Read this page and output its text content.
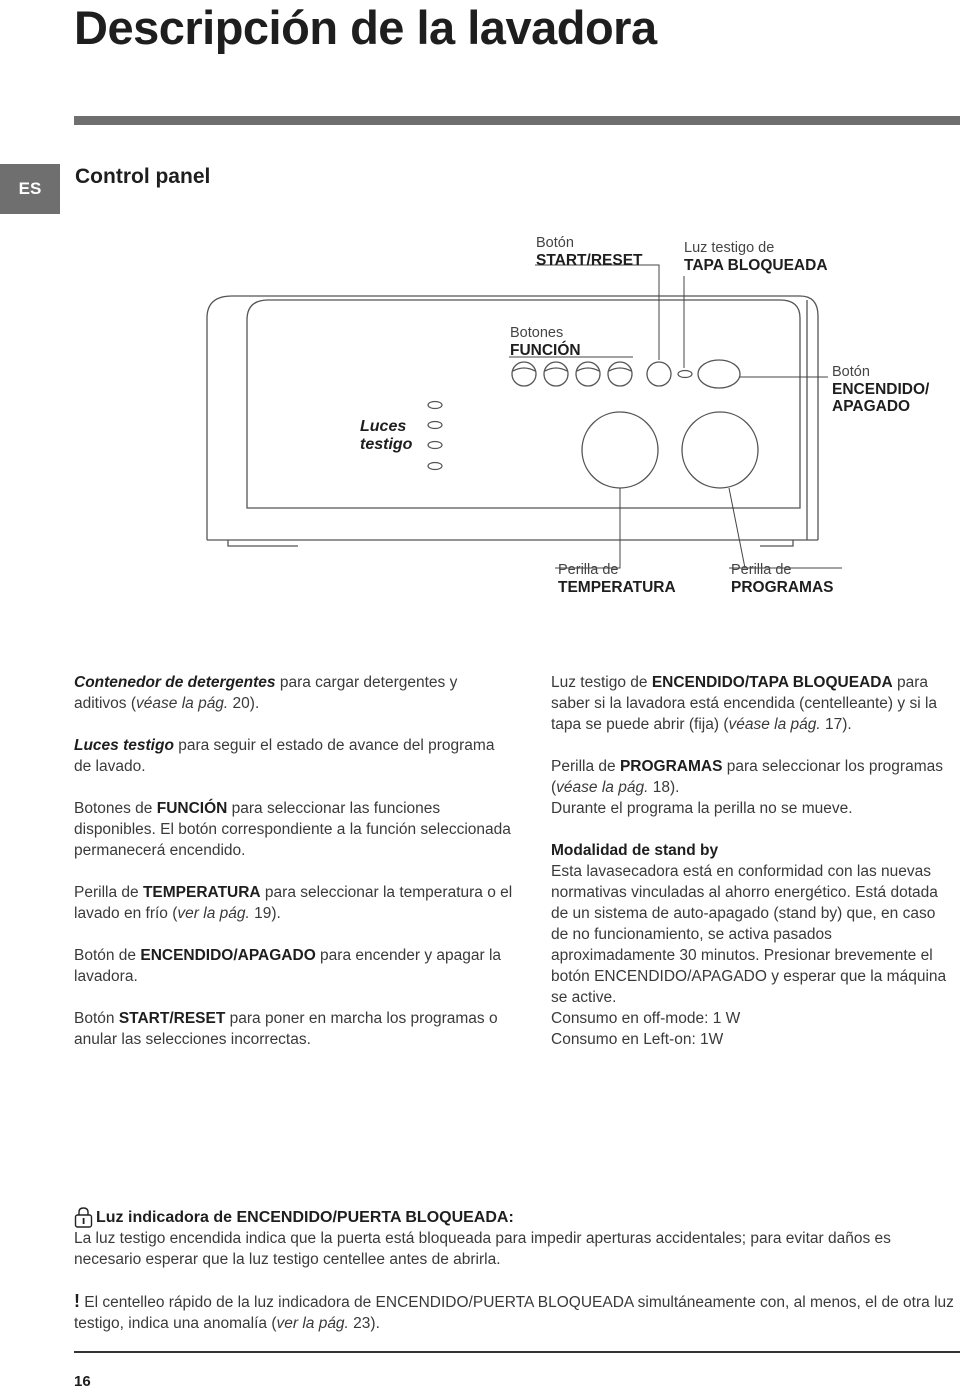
Descripción de la lavadora
ES
Control panel
Botón
START/RESET
Luz testigo de
TAPA BLOQUEADA
Botones
FUNCIÓN
Botón
ENCENDIDO/
APAGADO
Luces
testigo
Perilla de
TEMPERATURA
Perilla de
PROGRAMAS

Contenedor de detergentes para cargar detergentes y aditivos (véase la pág. 20).

Luces testigo para seguir el estado de avance del programa de lavado.

Botones de FUNCIÓN para seleccionar las funciones disponibles. El botón correspondiente a la función seleccionada permanecerá encendido.

Perilla de TEMPERATURA para seleccionar la temperatura o el lavado en frío (ver la pág. 19).

Botón de ENCENDIDO/APAGADO para encender y apagar la lavadora.

Botón START/RESET para poner en marcha los programas o anular las selecciones incorrectas.

Luz testigo de ENCENDIDO/TAPA BLOQUEADA para saber si la lavadora está encendida (centelleante) y si la tapa se puede abrir (fija) (véase la pág. 17).

Perilla de PROGRAMAS para seleccionar los programas (véase la pág. 18).

Durante el programa la perilla no se mueve.

Modalidad de stand by

Esta lavasecadora está en conformidad con las nuevas normativas vinculadas al ahorro energético. Está dotada de un sistema de auto-apagado (stand by) que, en caso de no funcionamiento, se activa pasados aproximadamente 30 minutos. Presionar brevemente el botón ENCENDIDO/APAGADO y esperar que la máquina se active.

Consumo en off-mode: 1 W

Consumo en Left-on: 1W

Luz indicadora de ENCENDIDO/PUERTA BLOQUEADA:
La luz testigo encendida indica que la puerta está bloqueada para impedir aperturas accidentales; para evitar daños es necesario esperar que la luz testigo centellee antes de abrirla.
! El centelleo rápido de la luz indicadora de ENCENDIDO/PUERTA BLOQUEADA simultáneamente con, al menos, el de otra luz testigo, indica una anomalía (ver la pág. 23).
16
